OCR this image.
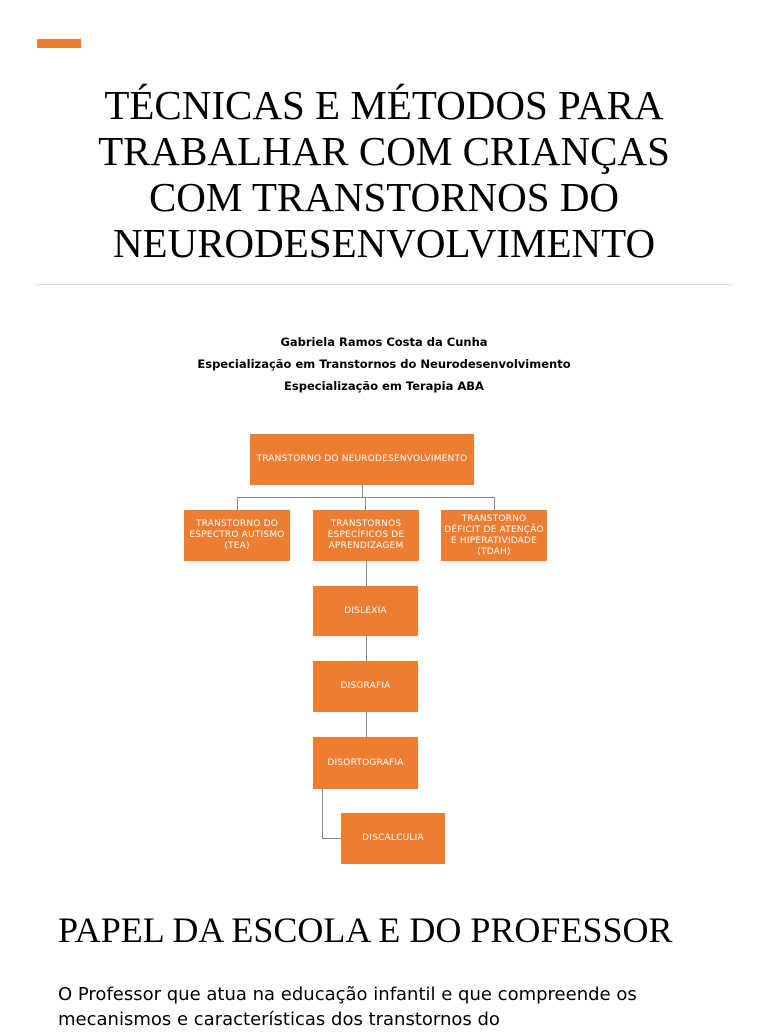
TÉCNICAS E MÉTODOS PARA
TRABALHAR COM CRIANÇAS
COM TRANSTORNOS DO
NEURODESENVOLVIMENTO
Gabriela Ramos Costa da Cunha
Especialização em Transtornos do Neurodesenvolvimento
Especialização em Terapia ABA
TRANSTORNO DO NEURODESENVOLVIMENTO
TRANSTORNO DO ESPECTRO AUTISMO (TEA)
TRANSTORNOS ESPECÍFICOS DE APRENDIZAGEM
TRANSTORNO DÉFICIT DE ATENÇÃO E HIPERATIVIDADE (TDAH)
DISLEXIA
DISGRAFIA
DISORTOGRAFIA
DISCALCULIA
PAPEL DA ESCOLA E DO PROFESSOR

O Professor que atua na educação infantil e que compreende os mecanismos e características dos transtornos do
